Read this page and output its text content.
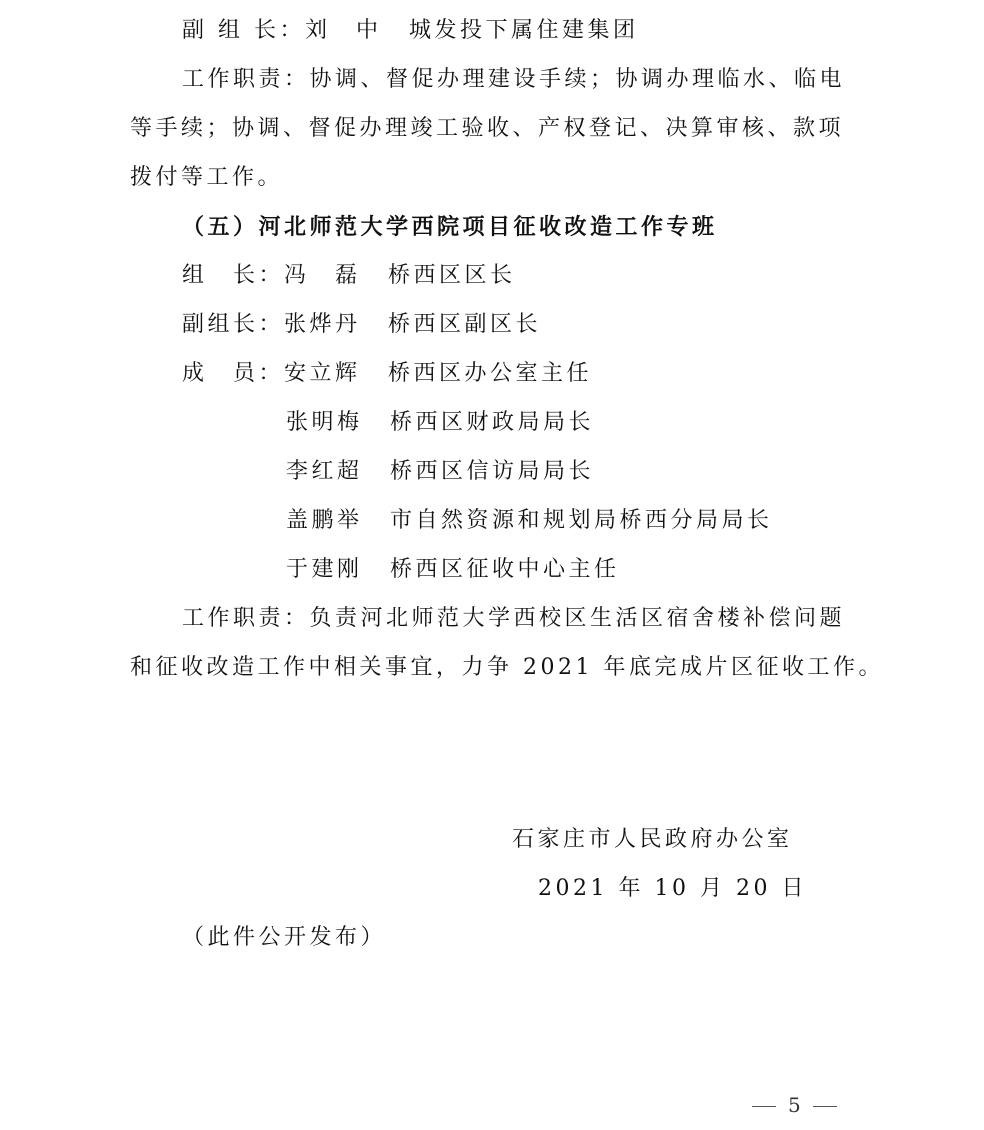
副 组 长：刘　中 城发投下属住建集团
工作职责：协调、督促办理建设手续；协调办理临水、临电
等手续；协调、督促办理竣工验收、产权登记、决算审核、款项
拨付等工作。
（五）河北师范大学西院项目征收改造工作专班
组　长：冯　磊 桥西区区长
副组长：张烨丹 桥西区副区长
成　员：安立辉 桥西区办公室主任
张明梅 桥西区财政局局长
李红超 桥西区信访局局长
盖鹏举 市自然资源和规划局桥西分局局长
于建刚 桥西区征收中心主任
工作职责：负责河北师范大学西校区生活区宿舍楼补偿问题
和征收改造工作中相关事宜，力争 2021 年底完成片区征收工作。
石家庄市人民政府办公室
2021 年 10 月 20 日
（此件公开发布）
5
